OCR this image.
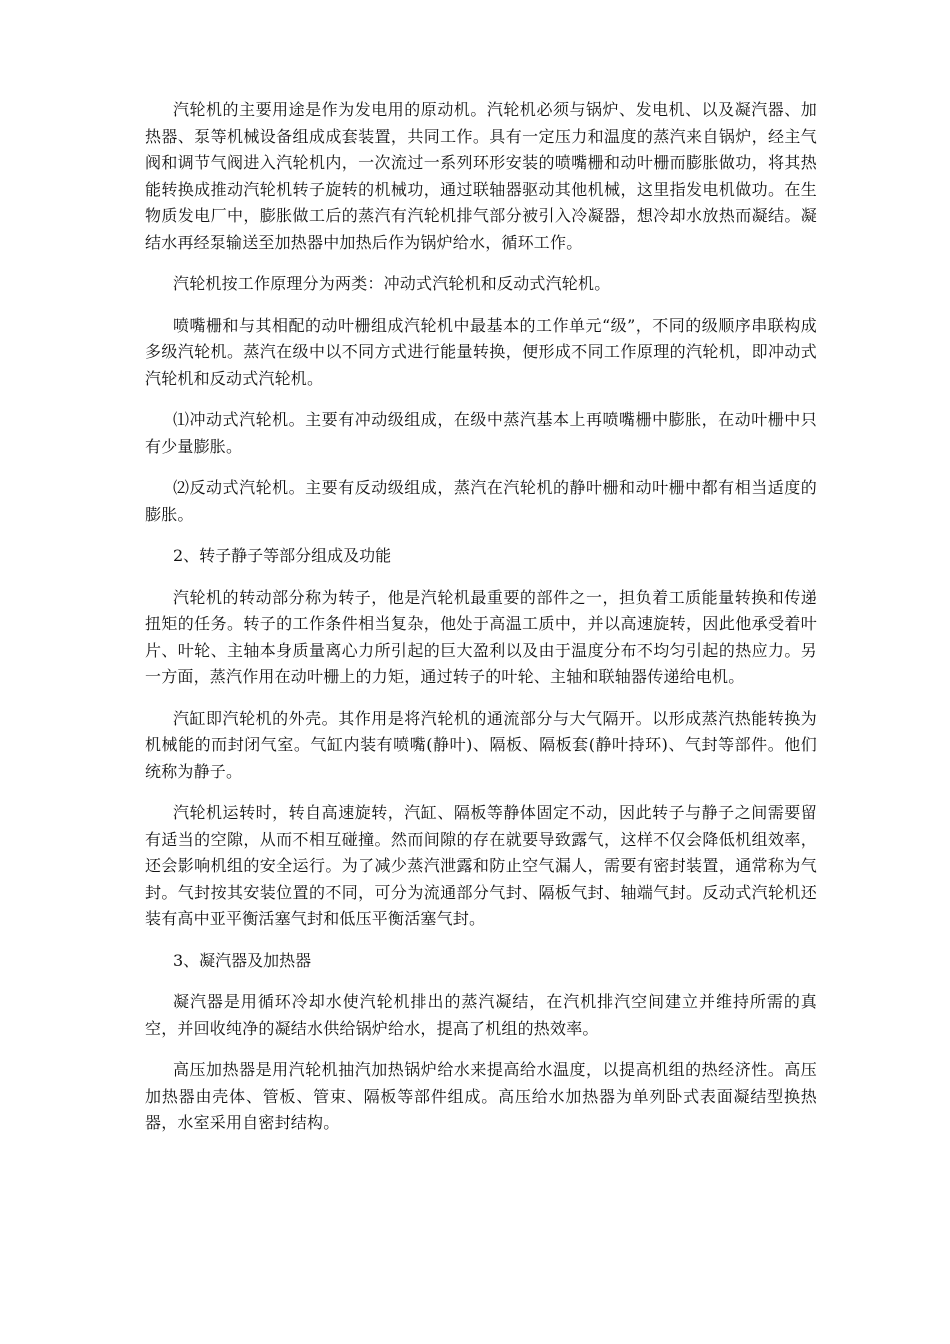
汽轮机的主要用途是作为发电用的原动机。汽轮机必须与锅炉、发电机、以及凝汽器、加热器、泵等机械设备组成成套装置，共同工作。具有一定压力和温度的蒸汽来自锅炉，经主气阀和调节气阀进入汽轮机内，一次流过一系列环形安装的喷嘴栅和动叶栅而膨胀做功，将其热能转换成推动汽轮机转子旋转的机械功，通过联轴器驱动其他机械，这里指发电机做功。在生物质发电厂中，膨胀做工后的蒸汽有汽轮机排气部分被引入冷凝器，想冷却水放热而凝结。凝结水再经泵输送至加热器中加热后作为锅炉给水，循环工作。

汽轮机按工作原理分为两类：冲动式汽轮机和反动式汽轮机。

喷嘴栅和与其相配的动叶栅组成汽轮机中最基本的工作单元“级”，不同的级顺序串联构成多级汽轮机。蒸汽在级中以不同方式进行能量转换，便形成不同工作原理的汽轮机，即冲动式汽轮机和反动式汽轮机。

⑴冲动式汽轮机。主要有冲动级组成，在级中蒸汽基本上再喷嘴栅中膨胀，在动叶栅中只有少量膨胀。

⑵反动式汽轮机。主要有反动级组成，蒸汽在汽轮机的静叶栅和动叶栅中都有相当适度的膨胀。

2、转子静子等部分组成及功能

汽轮机的转动部分称为转子，他是汽轮机最重要的部件之一，担负着工质能量转换和传递扭矩的任务。转子的工作条件相当复杂，他处于高温工质中，并以高速旋转，因此他承受着叶片、叶轮、主轴本身质量离心力所引起的巨大盈利以及由于温度分布不均匀引起的热应力。另一方面，蒸汽作用在动叶栅上的力矩，通过转子的叶轮、主轴和联轴器传递给电机。

汽缸即汽轮机的外壳。其作用是将汽轮机的通流部分与大气隔开。以形成蒸汽热能转换为机械能的而封闭气室。气缸内装有喷嘴(静叶)、隔板、隔板套(静叶持环)、气封等部件。他们统称为静子。

汽轮机运转时，转自高速旋转，汽缸、隔板等静体固定不动，因此转子与静子之间需要留有适当的空隙，从而不相互碰撞。然而间隙的存在就要导致露气，这样不仅会降低机组效率，还会影响机组的安全运行。为了减少蒸汽泄露和防止空气漏人，需要有密封装置，通常称为气封。气封按其安装位置的不同，可分为流通部分气封、隔板气封、轴端气封。反动式汽轮机还装有高中亚平衡活塞气封和低压平衡活塞气封。

3、凝汽器及加热器

凝汽器是用循环冷却水使汽轮机排出的蒸汽凝结，在汽机排汽空间建立并维持所需的真空，并回收纯净的凝结水供给锅炉给水，提高了机组的热效率。

高压加热器是用汽轮机抽汽加热锅炉给水来提高给水温度，以提高机组的热经济性。高压加热器由壳体、管板、管束、隔板等部件组成。高压给水加热器为单列卧式表面凝结型换热器，水室采用自密封结构。
